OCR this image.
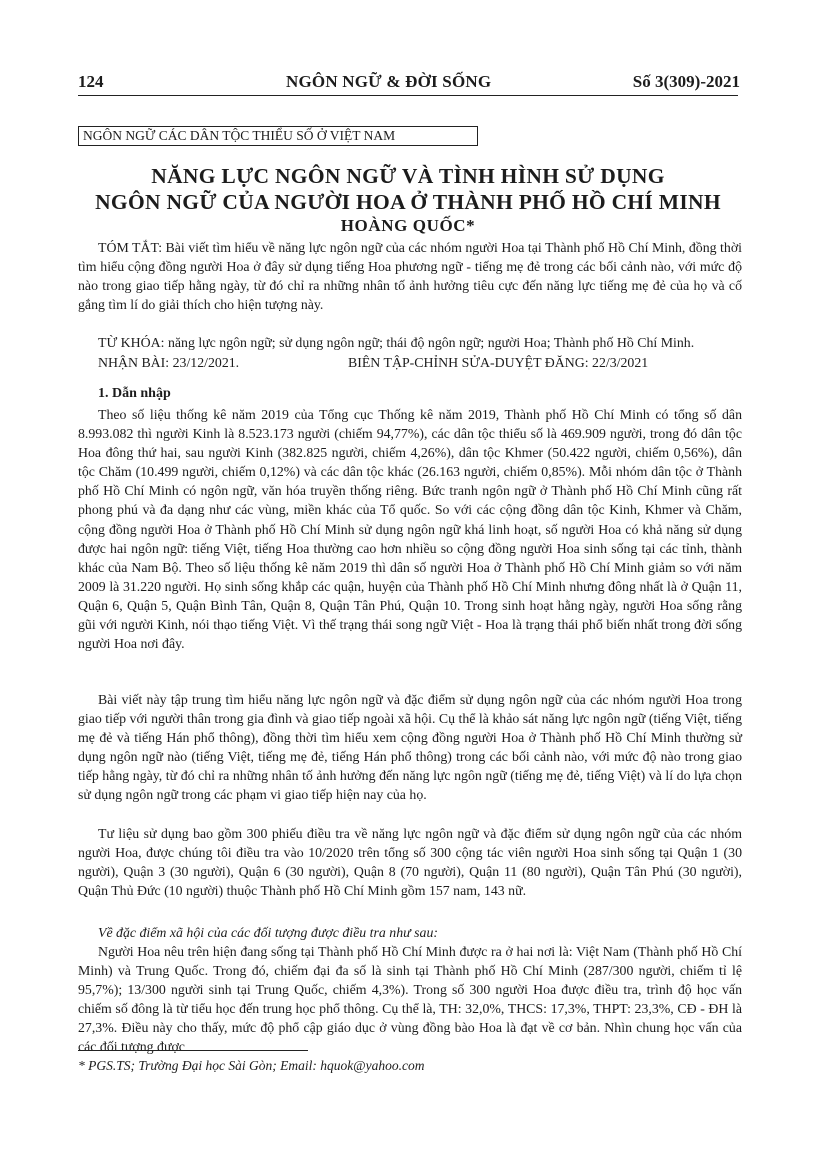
124	NGÔN NGỮ & ĐỜI SỐNG	Số 3(309)-2021
NGÔN NGỮ CÁC DÂN TỘC THIỂU SỐ Ở VIỆT NAM
NĂNG LỰC NGÔN NGỮ VÀ TÌNH HÌNH SỬ DỤNG
NGÔN NGỮ CỦA NGƯỜI HOA Ở THÀNH PHỐ HỒ CHÍ MINH
HOÀNG QUỐC*
TÓM TẮT: Bài viết tìm hiểu về năng lực ngôn ngữ của các nhóm người Hoa tại Thành phố Hồ Chí Minh, đồng thời tìm hiểu cộng đồng người Hoa ở đây sử dụng tiếng Hoa phương ngữ - tiếng mẹ đẻ trong các bối cảnh nào, với mức độ nào trong giao tiếp hằng ngày, từ đó chỉ ra những nhân tố ảnh hưởng tiêu cực đến năng lực tiếng mẹ đẻ của họ và cố gắng tìm lí do giải thích cho hiện tượng này.
TỪ KHÓA: năng lực ngôn ngữ; sử dụng ngôn ngữ; thái độ ngôn ngữ; người Hoa; Thành phố Hồ Chí Minh.
NHẬN BÀI: 23/12/2021.	BIÊN TẬP-CHỈNH SỬA-DUYỆT ĐĂNG: 22/3/2021
1. Dẫn nhập
Theo số liệu thống kê năm 2019 của Tổng cục Thống kê năm 2019, Thành phố Hồ Chí Minh có tổng số dân 8.993.082 thì người Kinh là 8.523.173 người (chiếm 94,77%), các dân tộc thiểu số là 469.909 người, trong đó dân tộc Hoa đông thứ hai, sau người Kinh (382.825 người, chiếm 4,26%), dân tộc Khmer (50.422 người, chiếm 0,56%), dân tộc Chăm (10.499 người, chiếm 0,12%) và các dân tộc khác (26.163 người, chiếm 0,85%). Mỗi nhóm dân tộc ở Thành phố Hồ Chí Minh có ngôn ngữ, văn hóa truyền thống riêng. Bức tranh ngôn ngữ ở Thành phố Hồ Chí Minh cũng rất phong phú và đa dạng như các vùng, miền khác của Tổ quốc. So với các cộng đồng dân tộc Kinh, Khmer và Chăm, cộng đồng người Hoa ở Thành phố Hồ Chí Minh sử dụng ngôn ngữ khá linh hoạt, số người Hoa có khả năng sử dụng được hai ngôn ngữ: tiếng Việt, tiếng Hoa thường cao hơn nhiều so cộng đồng người Hoa sinh sống tại các tỉnh, thành khác của Nam Bộ. Theo số liệu thống kê năm 2019 thì dân số người Hoa ở Thành phố Hồ Chí Minh giảm so với năm 2009 là 31.220 người. Họ sinh sống khắp các quận, huyện của Thành phố Hồ Chí Minh nhưng đông nhất là ở Quận 11, Quận 6, Quận 5, Quận Bình Tân, Quận 8, Quận Tân Phú, Quận 10. Trong sinh hoạt hằng ngày, người Hoa sống rằng gũi với người Kinh, nói thạo tiếng Việt. Vì thế trạng thái song ngữ Việt - Hoa là trạng thái phổ biến nhất trong đời sống người Hoa nơi đây.
Bài viết này tập trung tìm hiểu năng lực ngôn ngữ và đặc điểm sử dụng ngôn ngữ của các nhóm người Hoa trong giao tiếp với người thân trong gia đình và giao tiếp ngoài xã hội. Cụ thể là khảo sát năng lực ngôn ngữ (tiếng Việt, tiếng mẹ đẻ và tiếng Hán phổ thông), đồng thời tìm hiểu xem cộng đồng người Hoa ở Thành phố Hồ Chí Minh thường sử dụng ngôn ngữ nào (tiếng Việt, tiếng mẹ đẻ, tiếng Hán phổ thông) trong các bối cảnh nào, với mức độ nào trong giao tiếp hằng ngày, từ đó chỉ ra những nhân tố ảnh hưởng đến năng lực ngôn ngữ (tiếng mẹ đẻ, tiếng Việt) và lí do lựa chọn sử dụng ngôn ngữ trong các phạm vi giao tiếp hiện nay của họ.
Tư liệu sử dụng bao gồm 300 phiếu điều tra về năng lực ngôn ngữ và đặc điểm sử dụng ngôn ngữ của các nhóm người Hoa, được chúng tôi điều tra vào 10/2020 trên tổng số 300 cộng tác viên người Hoa sinh sống tại Quận 1 (30 người), Quận 3 (30 người), Quận 6 (30 người), Quận 8 (70 người), Quận 11 (80 người), Quận Tân Phú (30 người), Quận Thủ Đức (10 người) thuộc Thành phố Hồ Chí Minh gồm 157 nam, 143 nữ.
Về đặc điểm xã hội của các đối tượng được điều tra như sau:
Người Hoa nêu trên hiện đang sống tại Thành phố Hồ Chí Minh được ra ở hai nơi là: Việt Nam (Thành phố Hồ Chí Minh) và Trung Quốc. Trong đó, chiếm đại đa số là sinh tại Thành phố Hồ Chí Minh (287/300 người, chiếm tỉ lệ 95,7%); 13/300 người sinh tại Trung Quốc, chiếm 4,3%). Trong số 300 người Hoa được điều tra, trình độ học vấn chiếm số đông là từ tiểu học đến trung học phổ thông. Cụ thể là, TH: 32,0%, THCS: 17,3%, THPT: 23,3%, CĐ - ĐH là 27,3%. Điều này cho thấy, mức độ phổ cập giáo dục ở vùng đồng bào Hoa là đạt về cơ bản. Nhìn chung học vấn của các đối tượng được
* PGS.TS; Trường Đại học Sài Gòn; Email: hquok@yahoo.com
